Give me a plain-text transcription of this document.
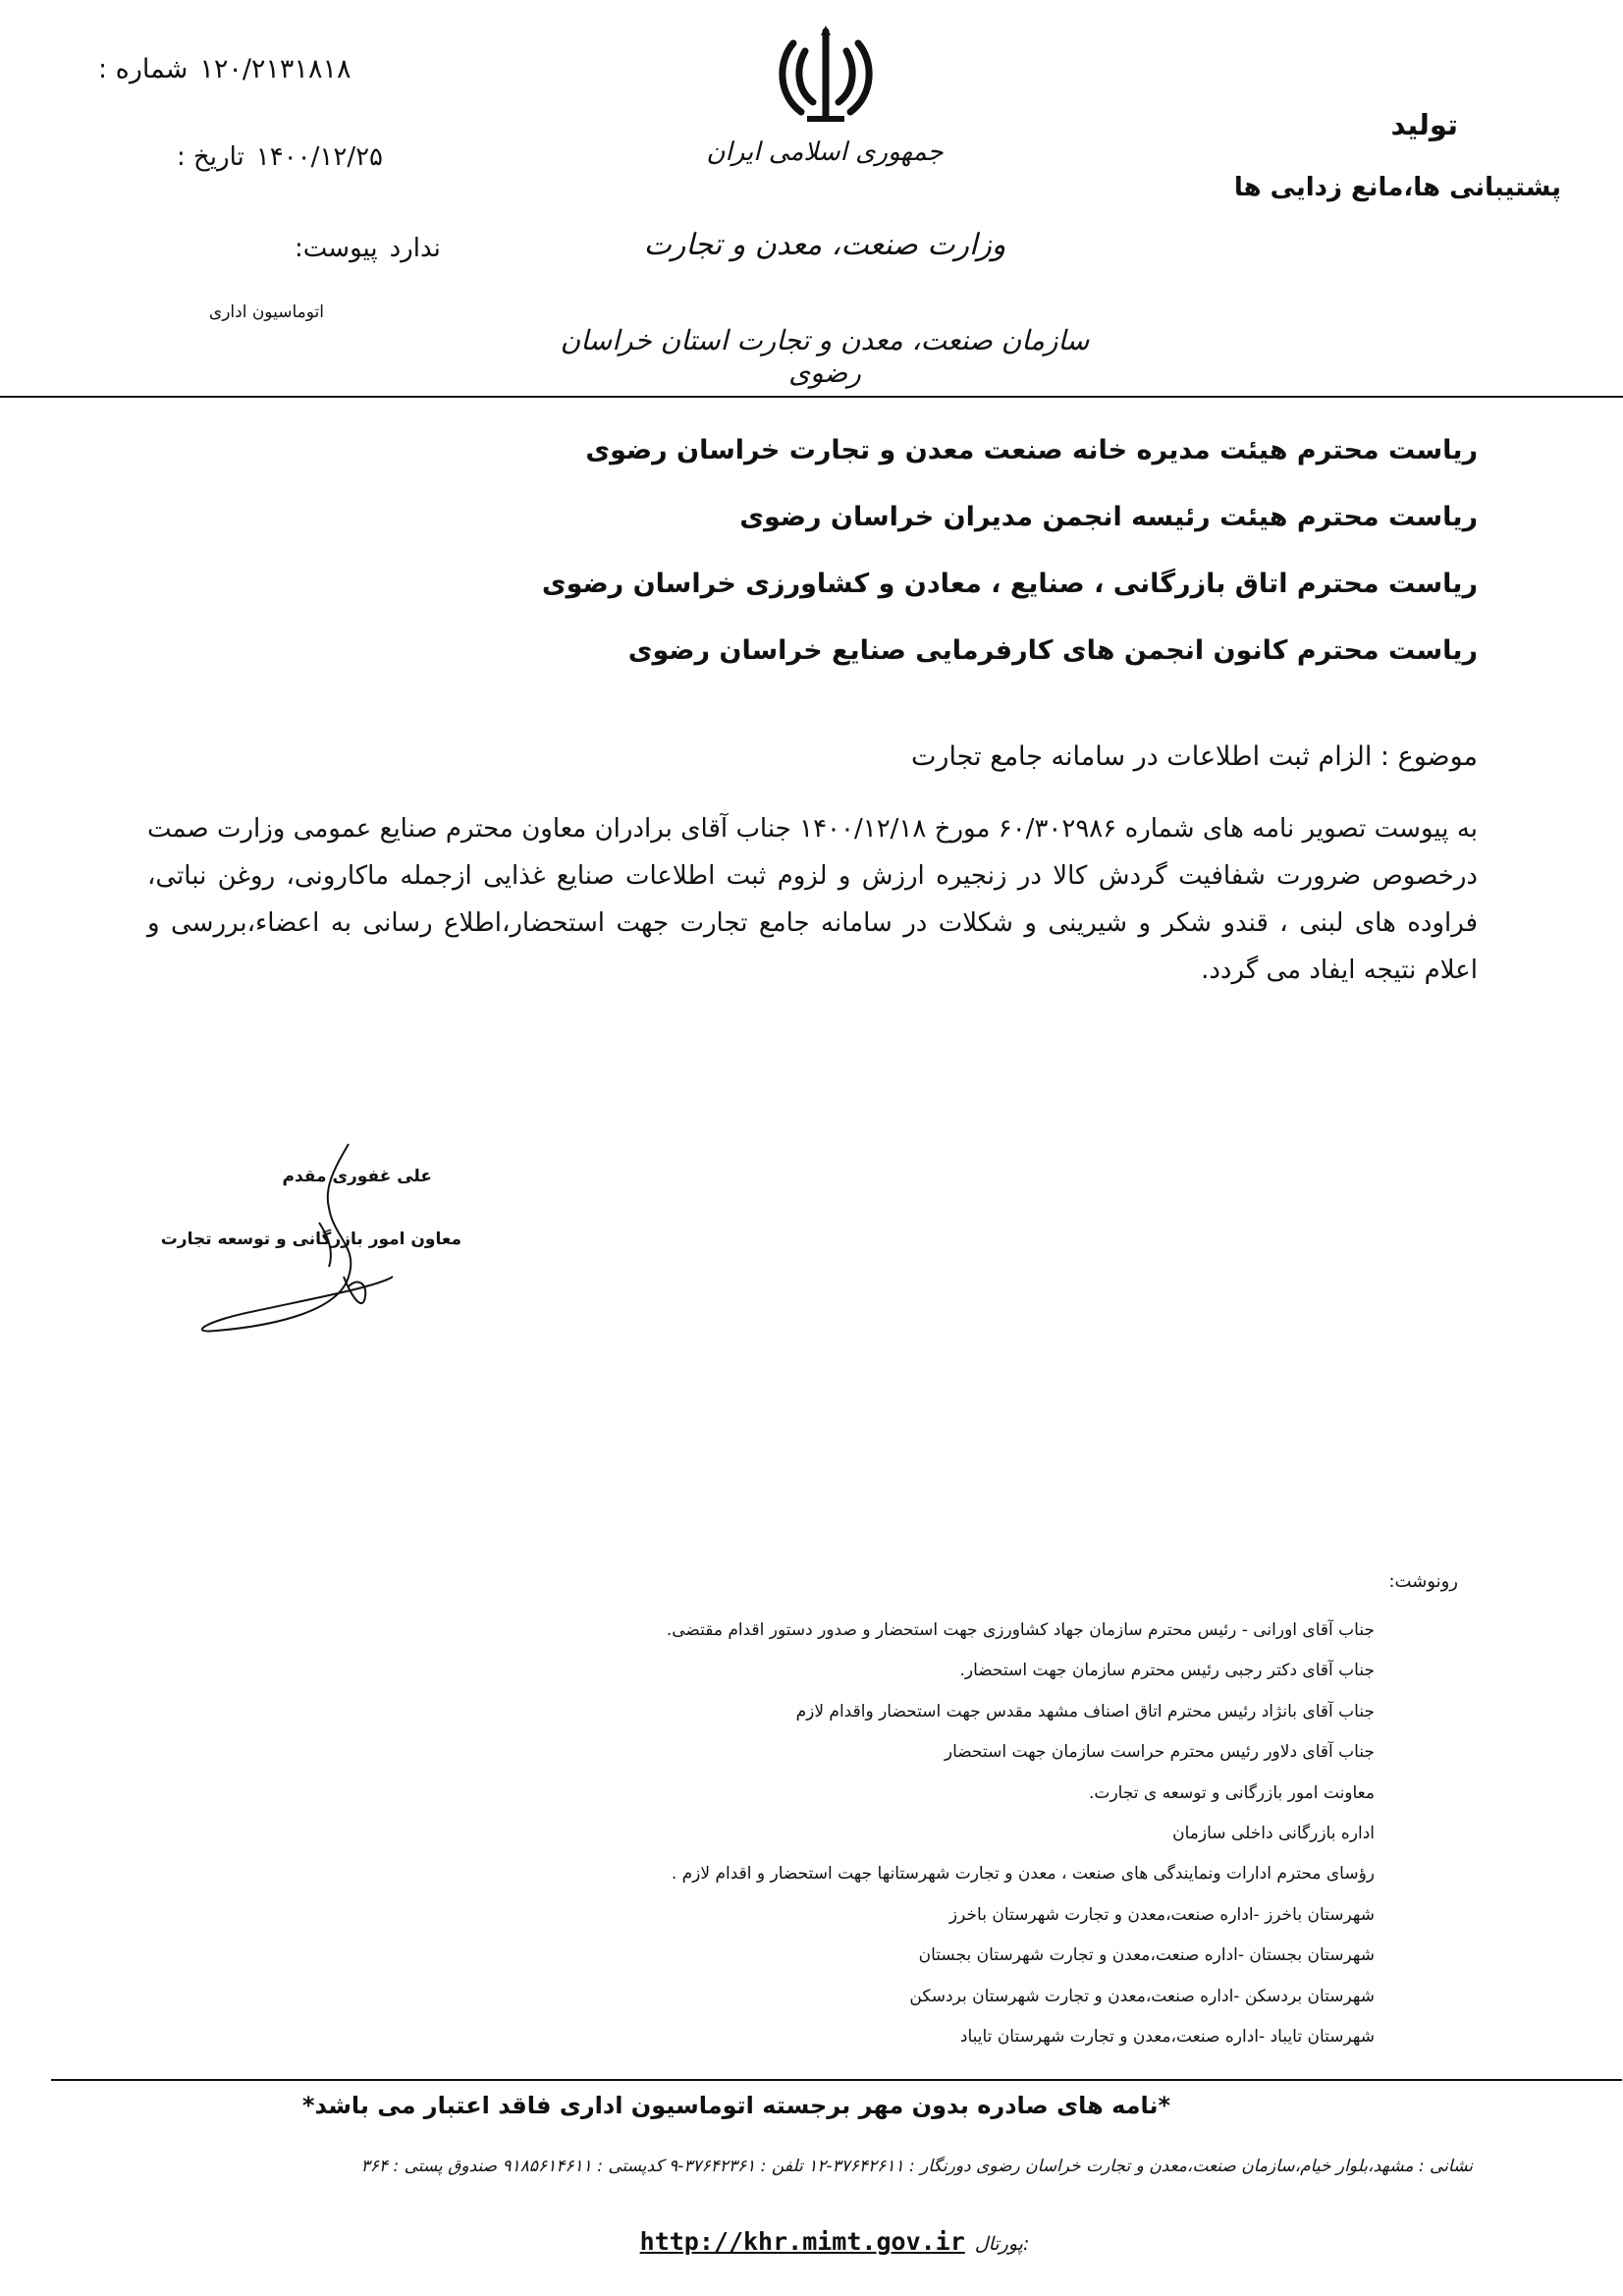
جمهوری اسلامی ایران
وزارت صنعت، معدن و تجارت
سازمان صنعت، معدن و تجارت استان خراسان رضوی
شماره : ۱۲۰/۲۱۳۱۸۱۸
تاریخ : ۱۴۰۰/۱۲/۲۵
پیوست: ندارد
اتوماسیون اداری
تولید
پشتیبانی ها،مانع زدایی ها
ریاست محترم هیئت مدیره خانه صنعت معدن و تجارت خراسان رضوی
ریاست محترم هیئت رئیسه انجمن مدیران خراسان رضوی
ریاست محترم اتاق بازرگانی ، صنایع ، معادن و کشاورزی خراسان رضوی
ریاست محترم کانون انجمن های کارفرمایی صنایع خراسان رضوی
موضوع : الزام ثبت اطلاعات در سامانه جامع تجارت
به پیوست تصویر نامه های شماره ۶۰/۳۰۲۹۸۶ مورخ ۱۴۰۰/۱۲/۱۸ جناب آقای برادران معاون محترم صنایع عمومی وزارت صمت درخصوص ضرورت شفافیت گردش کالا در زنجیره ارزش و لزوم ثبت اطلاعات صنایع غذایی ازجمله ماکارونی، روغن نباتی، فراوده های لبنی ، قندو شکر و شیرینی و شکلات در سامانه جامع تجارت جهت استحضار،اطلاع رسانی به اعضاء،بررسی و اعلام نتیجه ایفاد می گردد.
علی غفوری مقدم
معاون امور بازرگانی و توسعه تجارت
رونوشت:
جناب آقای اورانی - رئیس محترم سازمان جهاد کشاورزی جهت استحضار و صدور دستور اقدام مقتضی.
جناب آقای دکتر رجبی رئیس محترم سازمان جهت استحضار.
جناب آقای بانژاد رئیس محترم اتاق اصناف مشهد مقدس جهت استحضار واقدام لازم
جناب آقای دلاور رئیس محترم حراست سازمان جهت استحضار
معاونت امور بازرگانی و توسعه ی تجارت.
اداره بازرگانی داخلی سازمان
رؤسای محترم ادارات ونمایندگی های صنعت ، معدن و تجارت شهرستانها جهت استحضار و اقدام لازم .
شهرستان باخرز -اداره صنعت،معدن و تجارت شهرستان باخرز
شهرستان بجستان -اداره صنعت،معدن و تجارت شهرستان بجستان
شهرستان بردسکن -اداره صنعت،معدن و تجارت شهرستان بردسکن
شهرستان تایباد -اداره صنعت،معدن و تجارت شهرستان تایباد
*نامه های صادره بدون مهر برجسته اتوماسیون اداری فاقد اعتبار می باشد*
نشانی : مشهد،بلوار خیام،سازمان صنعت،معدن و تجارت خراسان رضوی دورنگار : ۳۷۶۴۲۶۱۱-۱۲ تلفن : ۳۷۶۴۲۳۶۱-۹ کدپستی : ۹۱۸۵۶۱۴۶۱۱ صندوق پستی : ۳۶۴
پورتال:
http://khr.mimt.gov.ir
